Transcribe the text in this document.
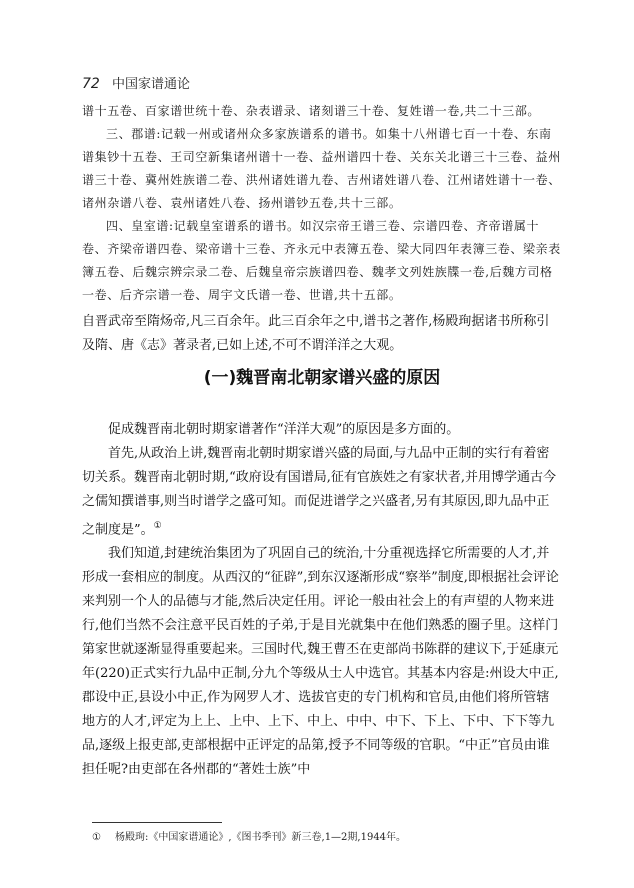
72 中国家谱通论

谱十五卷、百家谱世统十卷、杂表谱录、诸刻谱三十卷、复姓谱一卷,共二十三部。

三、郡谱:记载一州或诸州众多家族谱系的谱书。如集十八州谱七百一十卷、东南谱集钞十五卷、王司空新集诸州谱十一卷、益州谱四十卷、关东关北谱三十三卷、益州谱三十卷、冀州姓族谱二卷、洪州诸姓谱九卷、吉州诸姓谱八卷、江州诸姓谱十一卷、诸州杂谱八卷、袁州诸姓八卷、扬州谱钞五卷,共十三部。

四、皇室谱:记载皇室谱系的谱书。如汉宗帝王谱三卷、宗谱四卷、齐帝谱属十卷、齐梁帝谱四卷、梁帝谱十三卷、齐永元中表簿五卷、梁大同四年表簿三卷、梁亲表簿五卷、后魏宗辨宗录二卷、后魏皇帝宗族谱四卷、魏孝文列姓族牒一卷,后魏方司格一卷、后齐宗谱一卷、周宇文氏谱一卷、世谱,共十五部。

自晋武帝至隋炀帝,凡三百余年。此三百余年之中,谱书之著作,杨殿珣据诸书所称引及隋、唐《志》著录者,已如上述,不可不谓洋洋之大观。

(一)魏晋南北朝家谱兴盛的原因

促成魏晋南北朝时期家谱著作“洋洋大观”的原因是多方面的。

首先,从政治上讲,魏晋南北朝时期家谱兴盛的局面,与九品中正制的实行有着密切关系。魏晋南北朝时期,“政府设有国谱局,征有官族姓之有家状者,并用博学通古今之儒知撰谱事,则当时谱学之盛可知。而促进谱学之兴盛者,另有其原因,即九品中正之制度是”。①

我们知道,封建统治集团为了巩固自己的统治,十分重视选择它所需要的人才,并形成一套相应的制度。从西汉的“征辟”,到东汉逐渐形成“察举”制度,即根据社会评论来判别一个人的品德与才能,然后决定任用。评论一般由社会上的有声望的人物来进行,他们当然不会注意平民百姓的子弟,于是目光就集中在他们熟悉的圈子里。这样门第家世就逐渐显得重要起来。三国时代,魏王曹丕在吏部尚书陈群的建议下,于延康元年(220)正式实行九品中正制,分九个等级从士人中选官。其基本内容是:州设大中正,郡设中正,县设小中正,作为网罗人才、选拔官吏的专门机构和官员,由他们将所管辖地方的人才,评定为上上、上中、上下、中上、中中、中下、下上、下中、下下等九品,逐级上报吏部,吏部根据中正评定的品第,授予不同等级的官职。“中正”官员由谁担任呢?由吏部在各州郡的“著姓士族”中

① 杨殿珣:《中国家谱通论》,《图书季刊》新三卷,1—2期,1944年。
